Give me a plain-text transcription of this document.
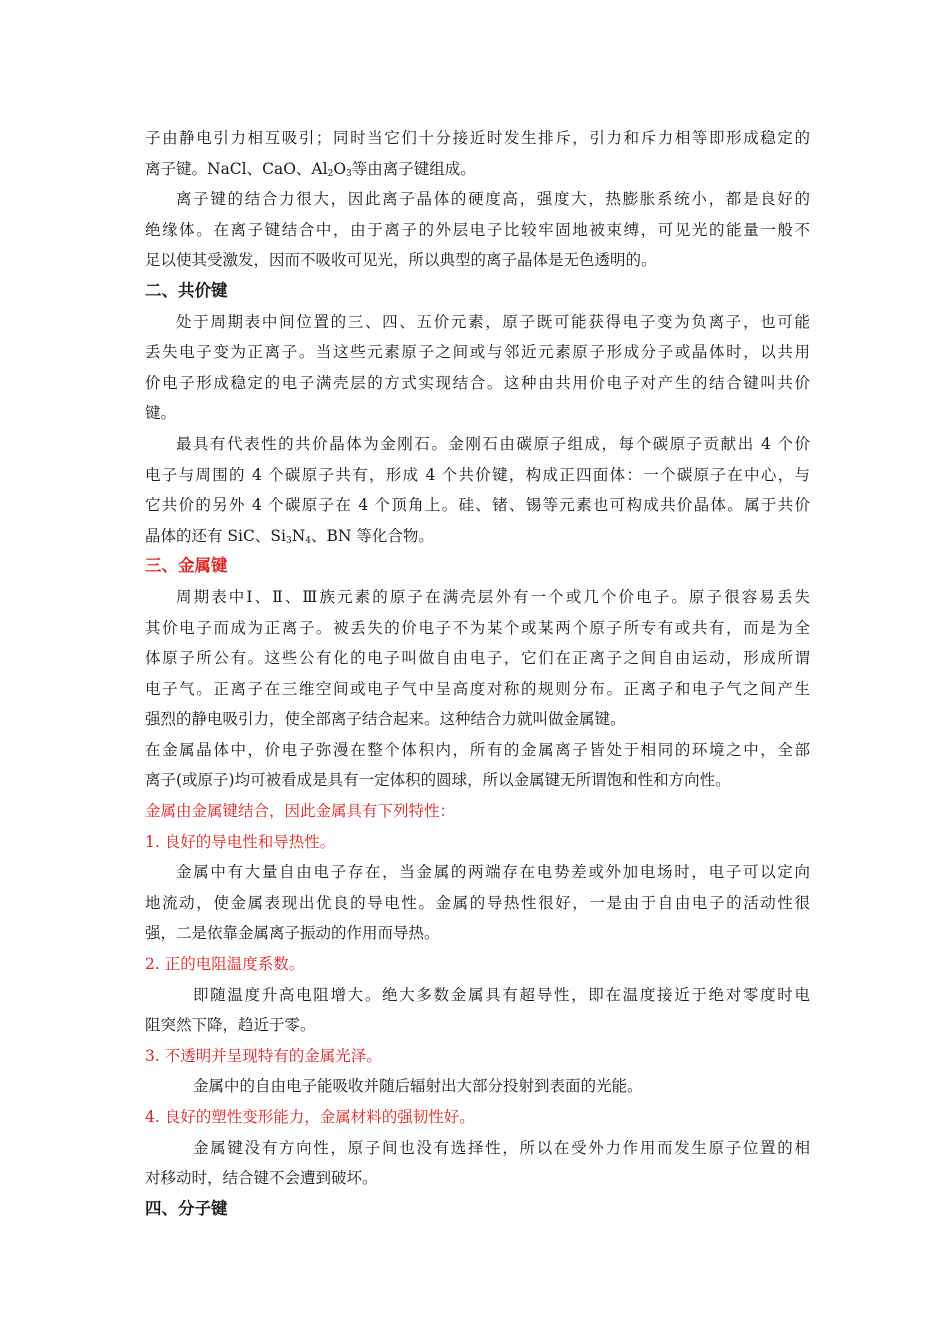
子由静电引力相互吸引；同时当它们十分接近时发生排斥，引力和斥力相等即形成稳定的
离子键。NaCl、CaO、$Al_2O_3$等由离子键组成。
离子键的结合力很大，因此离子晶体的硬度高，强度大，热膨胀系统小，都是良好的
绝缘体。在离子键结合中，由于离子的外层电子比较牢固地被束缚，可见光的能量一般不
足以使其受激发，因而不吸收可见光，所以典型的离子晶体是无色透明的。
二、共价键
处于周期表中间位置的三、四、五价元素，原子既可能获得电子变为负离子，也可能
丢失电子变为正离子。当这些元素原子之间或与邻近元素原子形成分子或晶体时，以共用
价电子形成稳定的电子满壳层的方式实现结合。这种由共用价电子对产生的结合键叫共价
键。
最具有代表性的共价晶体为金刚石。金刚石由碳原子组成，每个碳原子贡献出 4 个价
电子与周围的 4 个碳原子共有，形成 4 个共价键，构成正四面体：一个碳原子在中心，与
它共价的另外 4 个碳原子在 4 个顶角上。硅、锗、锡等元素也可构成共价晶体。属于共价
晶体的还有 SiC、$Si_3N_4$、BN 等化合物。
三、金属键
周期表中Ⅰ、Ⅱ、Ⅲ族元素的原子在满壳层外有一个或几个价电子。原子很容易丢失
其价电子而成为正离子。被丢失的价电子不为某个或某两个原子所专有或共有，而是为全
体原子所公有。这些公有化的电子叫做自由电子，它们在正离子之间自由运动，形成所谓
电子气。正离子在三维空间或电子气中呈高度对称的规则分布。正离子和电子气之间产生
强烈的静电吸引力，使全部离子结合起来。这种结合力就叫做金属键。
在金属晶体中，价电子弥漫在整个体积内，所有的金属离子皆处于相同的环境之中，全部
离子(或原子)均可被看成是具有一定体积的圆球，所以金属键无所谓饱和性和方向性。
金属由金属键结合，因此金属具有下列特性：
1. 良好的导电性和导热性。
金属中有大量自由电子存在，当金属的两端存在电势差或外加电场时，电子可以定向
地流动，使金属表现出优良的导电性。金属的导热性很好，一是由于自由电子的活动性很
强，二是依靠金属离子振动的作用而导热。
2. 正的电阻温度系数。
即随温度升高电阻增大。绝大多数金属具有超导性，即在温度接近于绝对零度时电
阻突然下降，趋近于零。
3. 不透明并呈现特有的金属光泽。
金属中的自由电子能吸收并随后辐射出大部分投射到表面的光能。
4. 良好的塑性变形能力，金属材料的强韧性好。
金属键没有方向性，原子间也没有选择性，所以在受外力作用而发生原子位置的相
对移动时，结合键不会遭到破坏。
四、分子键
